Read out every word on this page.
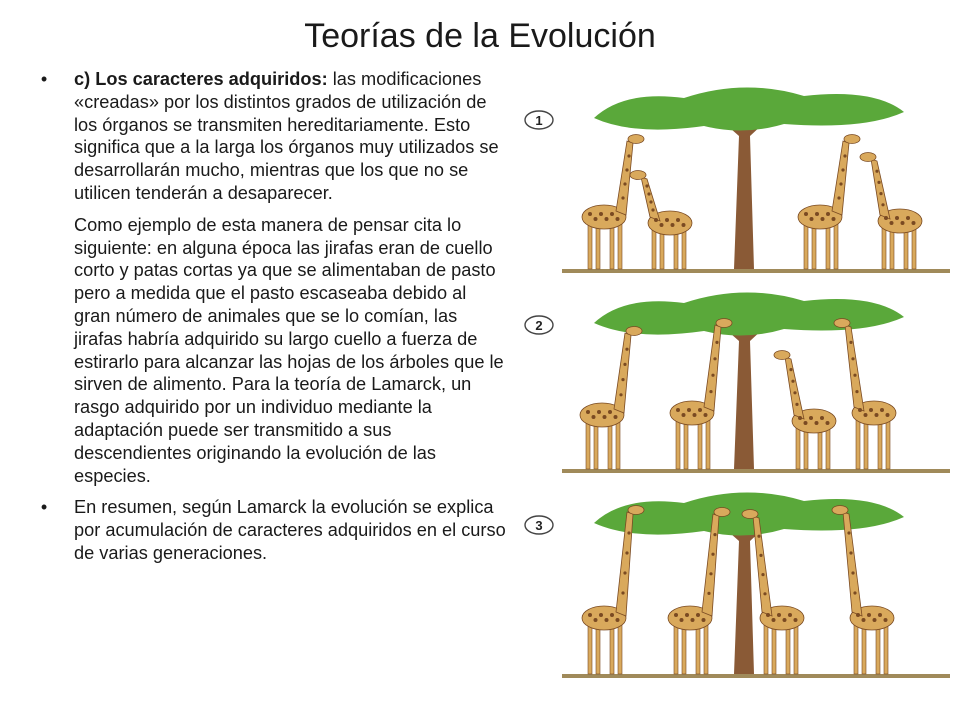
Teorías de la Evolución
• c) Los caracteres adquiridos: las modificaciones «creadas» por los distintos grados de utilización de los órganos se transmiten hereditariamente. Esto significa que a la larga los órganos muy utilizados se desarrollarán mucho, mientras que los que no se utilicen tenderán a desaparecer.
Como ejemplo de esta manera de pensar cita lo siguiente: en alguna época las jirafas eran de cuello corto y patas cortas ya que se alimentaban de pasto pero a medida que el pasto escaseaba debido al gran número de animales que se lo comían, las jirafas habría adquirido su largo cuello a fuerza de estirarlo para alcanzar las hojas de los árboles que le sirven de alimento. Para la teoría de Lamarck, un rasgo adquirido por un individuo mediante la adaptación puede ser transmitido a sus descendientes originando la evolución de las especies.
• En resumen, según Lamarck la evolución se explica por acumulación de caracteres adquiridos en el curso de varias generaciones.
1
2
3
